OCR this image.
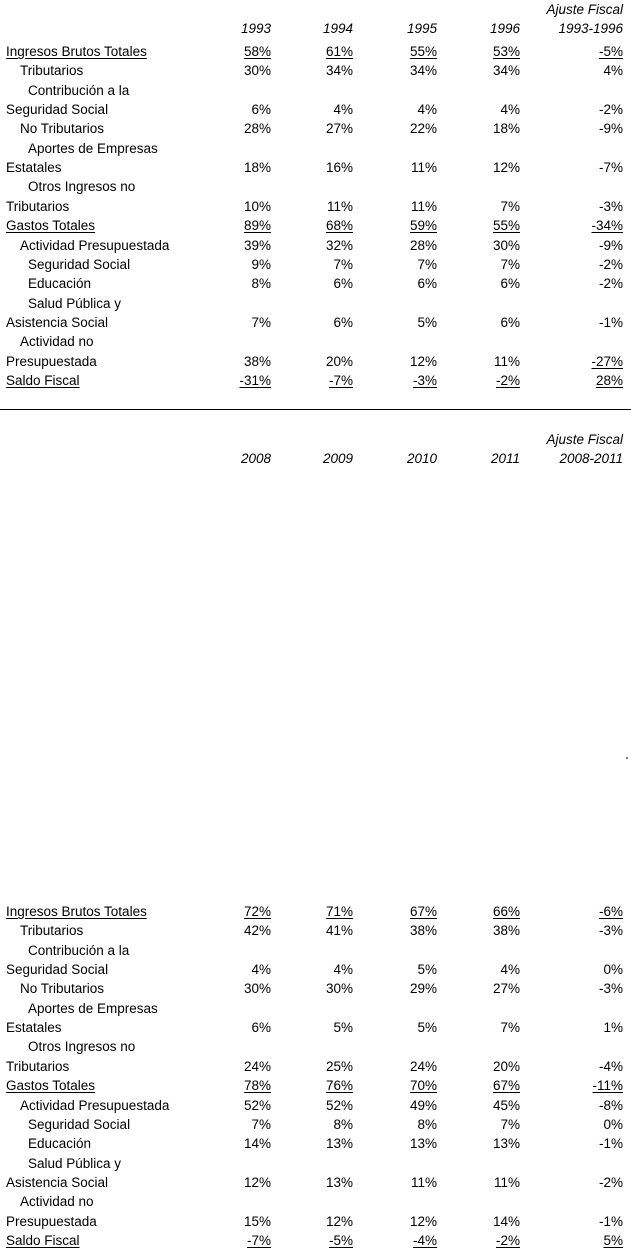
Ajuste Fiscal
1993	1994	1995	1996	1993-1996
Ingresos Brutos Totales	58%	61%	55%	53%	-5%
Tributarios	30%	34%	34%	34%	4%
Contribución a la
Seguridad Social	6%	4%	4%	4%	-2%
No Tributarios	28%	27%	22%	18%	-9%
Aportes de Empresas
Estatales	18%	16%	11%	12%	-7%
Otros Ingresos no
Tributarios	10%	11%	11%	7%	-3%
Gastos Totales	89%	68%	59%	55%	-34%
Actividad Presupuestada	39%	32%	28%	30%	-9%
Seguridad Social	9%	7%	7%	7%	-2%
Educación	8%	6%	6%	6%	-2%
Salud Pública y
Asistencia Social	7%	6%	5%	6%	-1%
Actividad no
Presupuestada	38%	20%	12%	11%	-27%
Saldo Fiscal	-31%	-7%	-3%	-2%	28%
Ajuste Fiscal
2008	2009	2010	2011	2008-2011
Ingresos Brutos Totales	72%	71%	67%	66%	-6%
Tributarios	42%	41%	38%	38%	-3%
Contribución a la
Seguridad Social	4%	4%	5%	4%	0%
No Tributarios	30%	30%	29%	27%	-3%
Aportes de Empresas
Estatales	6%	5%	5%	7%	1%
Otros Ingresos no
Tributarios	24%	25%	24%	20%	-4%
Gastos Totales	78%	76%	70%	67%	-11%
Actividad Presupuestada	52%	52%	49%	45%	-8%
Seguridad Social	7%	8%	8%	7%	0%
Educación	14%	13%	13%	13%	-1%
Salud Pública y
Asistencia Social	12%	13%	11%	11%	-2%
Actividad no
Presupuestada	15%	12%	12%	14%	-1%
Saldo Fiscal	-7%	-5%	-4%	-2%	5%
